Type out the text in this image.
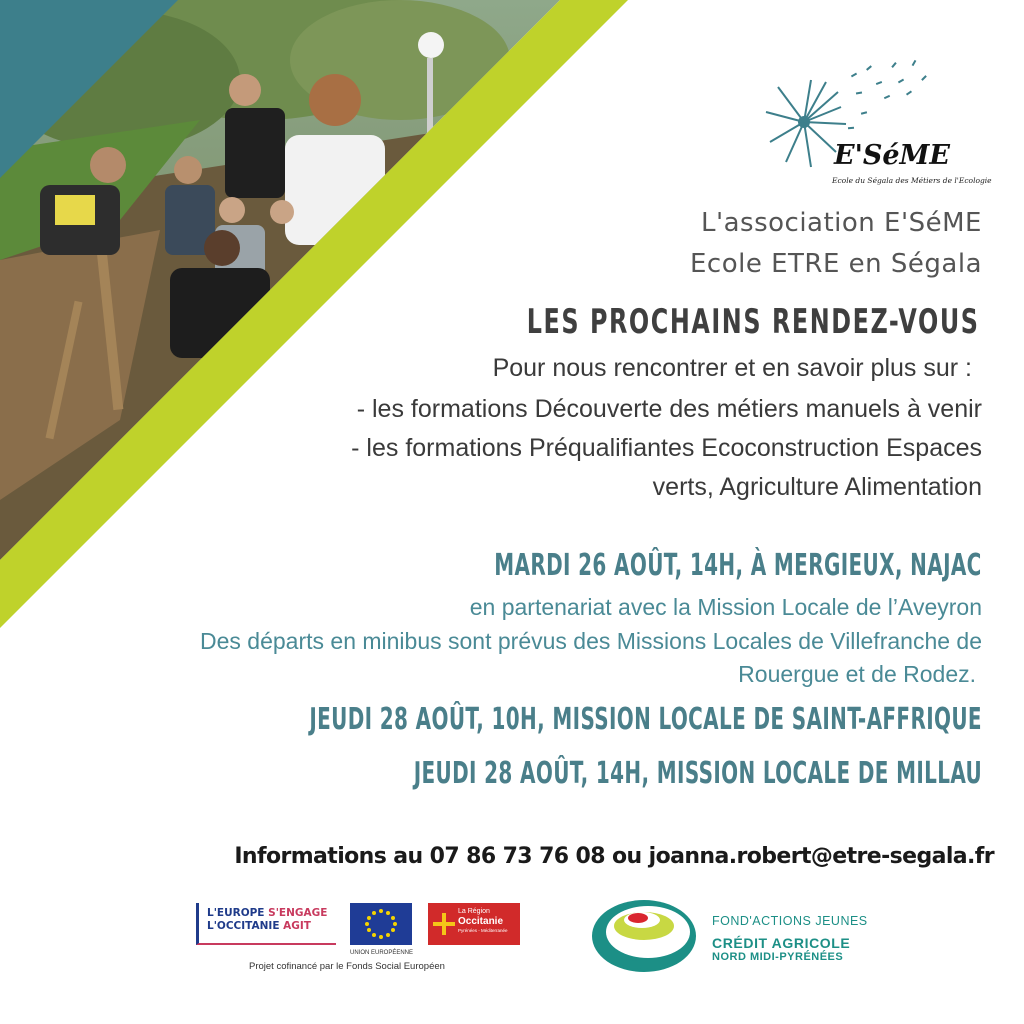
E'SéME
Ecole du Ségala des Métiers de l'Ecologie
L'association E'SéME
Ecole ETRE en Ségala
LES PROCHAINS RENDEZ-VOUS
Pour nous rencontrer et en savoir plus sur :
- les formations Découverte des métiers manuels à venir
- les formations Préqualifiantes Ecoconstruction Espaces
verts, Agriculture Alimentation
MARDI 26 AOÛT, 14H, À MERGIEUX, NAJAC
en partenariat avec la Mission Locale de l’Aveyron
Des départs en minibus sont prévus des Missions Locales de Villefranche de
Rouergue et de Rodez.
JEUDI 28 AOÛT, 10H, MISSION LOCALE DE SAINT-AFFRIQUE
JEUDI 28 AOÛT, 14H, MISSION LOCALE DE MILLAU
Informations au 07 86 73 76 08 ou joanna.robert@etre-segala.fr
L'EUROPE S'ENGAGE
L'OCCITANIE AGIT
UNION EUROPÉENNE
La Région
Occitanie
Pyrénées - Méditerranée
Projet cofinancé par le Fonds Social Européen
FOND'ACTIONS JEUNES
CRÉDIT AGRICOLE
NORD MIDI-PYRÉNÉES
